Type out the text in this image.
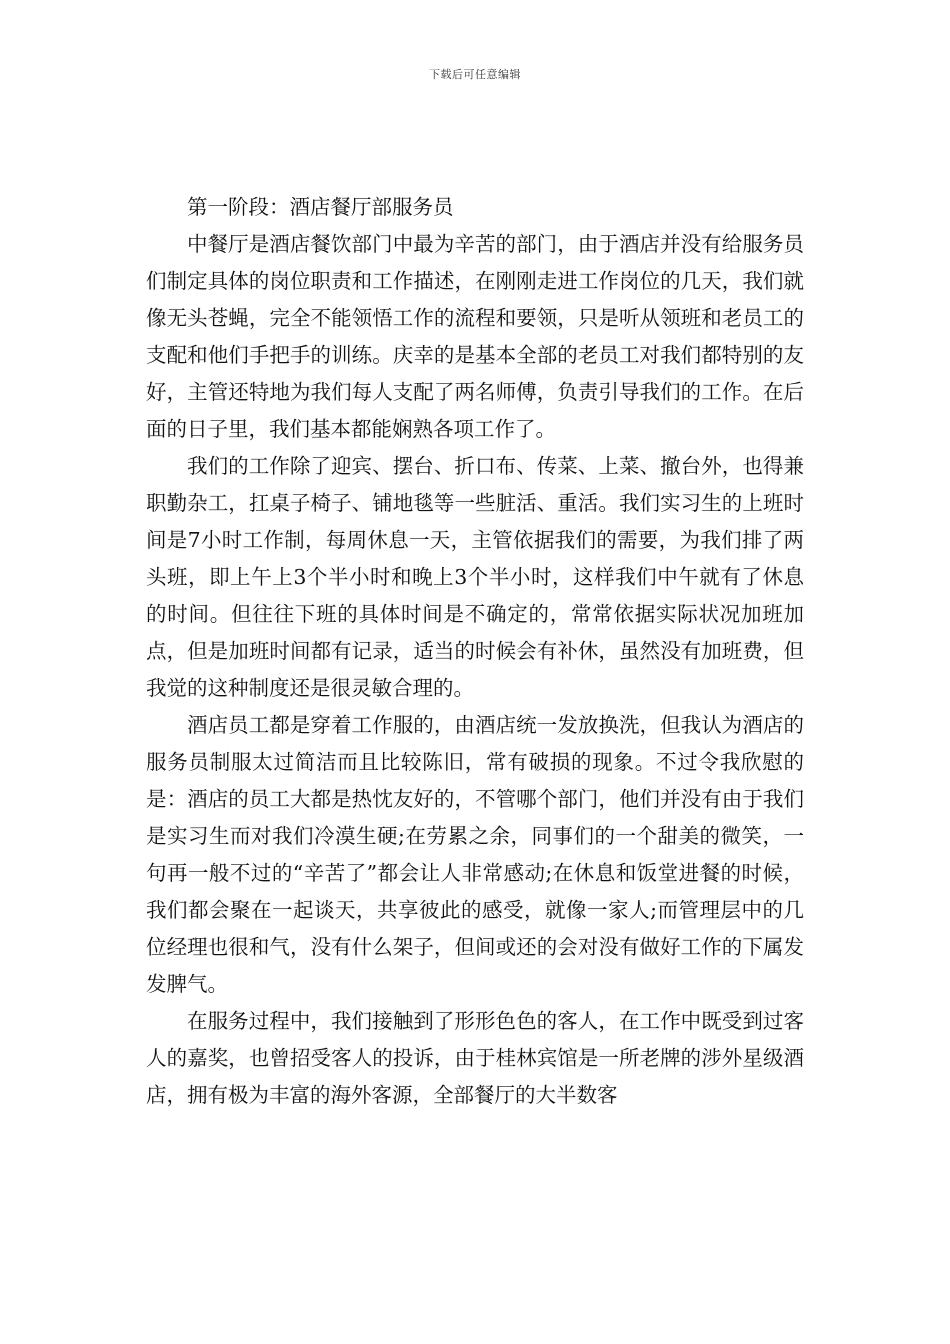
下载后可任意编辑

第一阶段：酒店餐厅部服务员

中餐厅是酒店餐饮部门中最为辛苦的部门，由于酒店并没有给服务员们制定具体的岗位职责和工作描述，在刚刚走进工作岗位的几天，我们就像无头苍蝇，完全不能领悟工作的流程和要领，只是听从领班和老员工的支配和他们手把手的训练。庆幸的是基本全部的老员工对我们都特别的友好，主管还特地为我们每人支配了两名师傅，负责引导我们的工作。在后面的日子里，我们基本都能娴熟各项工作了。

我们的工作除了迎宾、摆台、折口布、传菜、上菜、撤台外，也得兼职勤杂工，扛桌子椅子、铺地毯等一些脏活、重活。我们实习生的上班时间是7小时工作制，每周休息一天，主管依据我们的需要，为我们排了两头班，即上午上3个半小时和晚上3个半小时，这样我们中午就有了休息的时间。但往往下班的具体时间是不确定的，常常依据实际状况加班加点，但是加班时间都有记录，适当的时候会有补休，虽然没有加班费，但我觉的这种制度还是很灵敏合理的。

酒店员工都是穿着工作服的，由酒店统一发放换洗，但我认为酒店的服务员制服太过简洁而且比较陈旧，常有破损的现象。不过令我欣慰的是：酒店的员工大都是热忱友好的，不管哪个部门，他们并没有由于我们是实习生而对我们冷漠生硬;在劳累之余，同事们的一个甜美的微笑，一句再一般不过的“辛苦了”都会让人非常感动;在休息和饭堂进餐的时候，我们都会聚在一起谈天，共享彼此的感受，就像一家人;而管理层中的几位经理也很和气，没有什么架子，但间或还的会对没有做好工作的下属发发脾气。

在服务过程中，我们接触到了形形色色的客人，在工作中既受到过客人的嘉奖，也曾招受客人的投诉，由于桂林宾馆是一所老牌的涉外星级酒店，拥有极为丰富的海外客源，全部餐厅的大半数客
